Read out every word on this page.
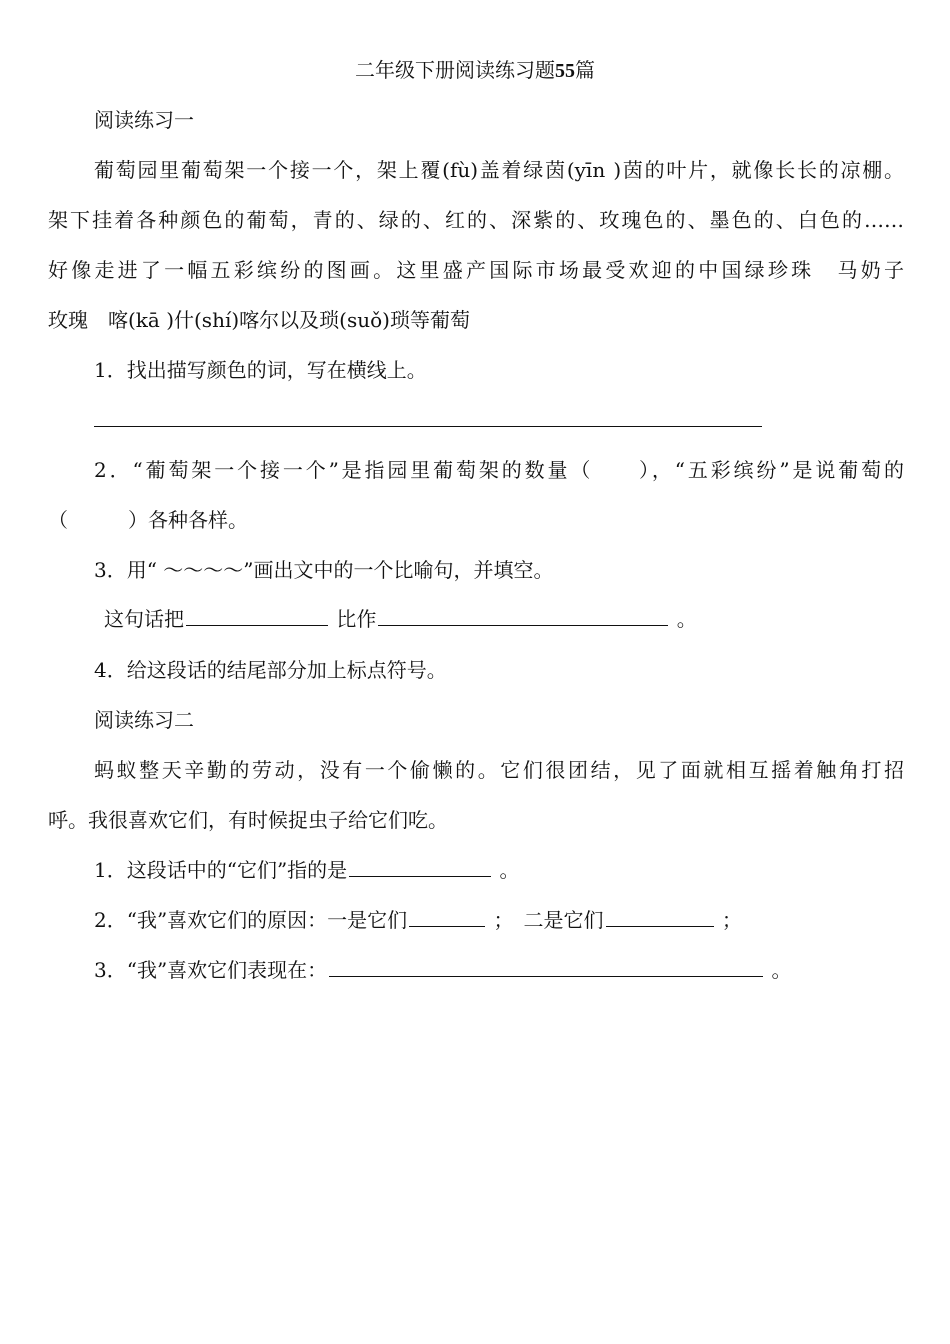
二年级下册阅读练习题55篇
阅读练习一
葡萄园里葡萄架一个接一个，架上覆(fù)盖着绿茵(yīn )茵的叶片，就像长长的凉棚。
架下挂着各种颜色的葡萄，青的、绿的、红的、深紫的、玫瑰色的、墨色的、白色的……
好像走进了一幅五彩缤纷的图画。这里盛产国际市场最受欢迎的中国绿珍珠　马奶子
玫瑰　喀(kā )什(shí)喀尔以及琐(suǒ)琐等葡萄
1．找出描写颜色的词，写在横线上。
2．“葡萄架一个接一个”是指园里葡萄架的数量（　　），“五彩缤纷”是说葡萄的
（　　　）各种各样。
3．用“ ～～～～”画出文中的一个比喻句，并填空。
这句话把	比作	。
4．给这段话的结尾部分加上标点符号。
阅读练习二
蚂蚁整天辛勤的劳动，没有一个偷懒的。它们很团结，见了面就相互摇着触角打招
呼。我很喜欢它们，有时候捉虫子给它们吃。
1．这段话中的“它们”指的是	。
2．“我”喜欢它们的原因：一是它们	；　二是它们	；
3．“我”喜欢它们表现在：	。
